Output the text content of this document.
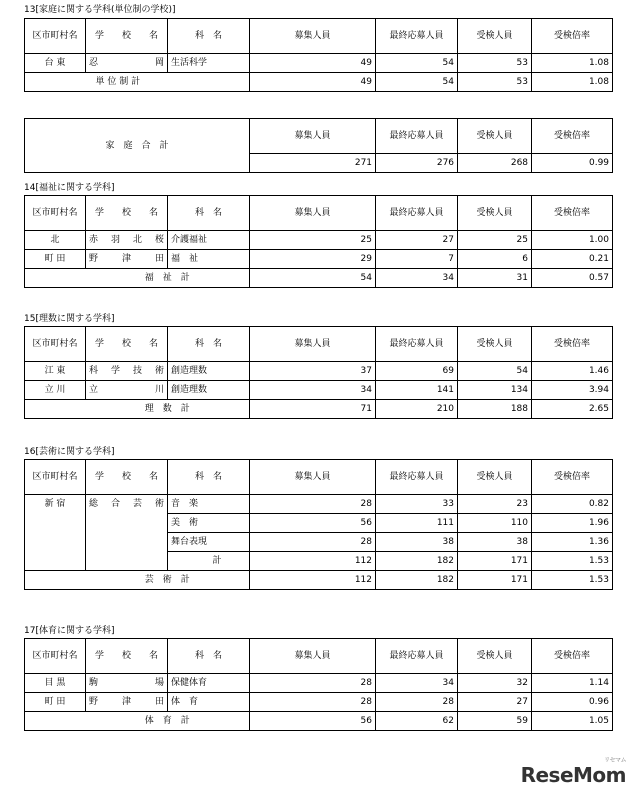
13[家庭に関する学科(単位制の学校)]
区市町村名	学　　校　　名	科　名	募集人員	最終応募人員	受検人員	受検倍率
台 東	忍　　　　岡	生活科学	49	54	53	1.08
	単 位 制 計		49	54	53	1.08
家　庭　合　計	募集人員	最終応募人員	受検人員	受検倍率
	271	276	268	0.99
14[福祉に関する学科]
区市町村名	学　　校　　名	科　名	募集人員	最終応募人員	受検人員	受検倍率
北	赤　羽　北　桜	介護福祉	25	27	25	1.00
町 田	野　　津　　田	福　祉	29	7	6	0.21
	福　祉　計		54	34	31	0.57
15[理数に関する学科]
区市町村名	学　　校　　名	科　名	募集人員	最終応募人員	受検人員	受検倍率
江 東	科　学　技　術	創造理数	37	69	54	1.46
立 川	立　　　　川	創造理数	34	141	134	3.94
	理　数　計		71	210	188	2.65
16[芸術に関する学科]
区市町村名	学　　校　　名	科　名	募集人員	最終応募人員	受検人員	受検倍率
新 宿	総　合　芸　術	音　楽	28	33	23	0.82
		美　術	56	111	110	1.96
		舞台表現	28	38	38	1.36
		計	112	182	171	1.53
	芸　術　計		112	182	171	1.53
17[体育に関する学科]
区市町村名	学　　校　　名	科　名	募集人員	最終応募人員	受検人員	受検倍率
目 黒	駒　　　　場	保健体育	28	34	32	1.14
町 田	野　　津　　田	体　育	28	28	27	0.96
	体　育　計		56	62	59	1.05
リセマム
ReseMom
